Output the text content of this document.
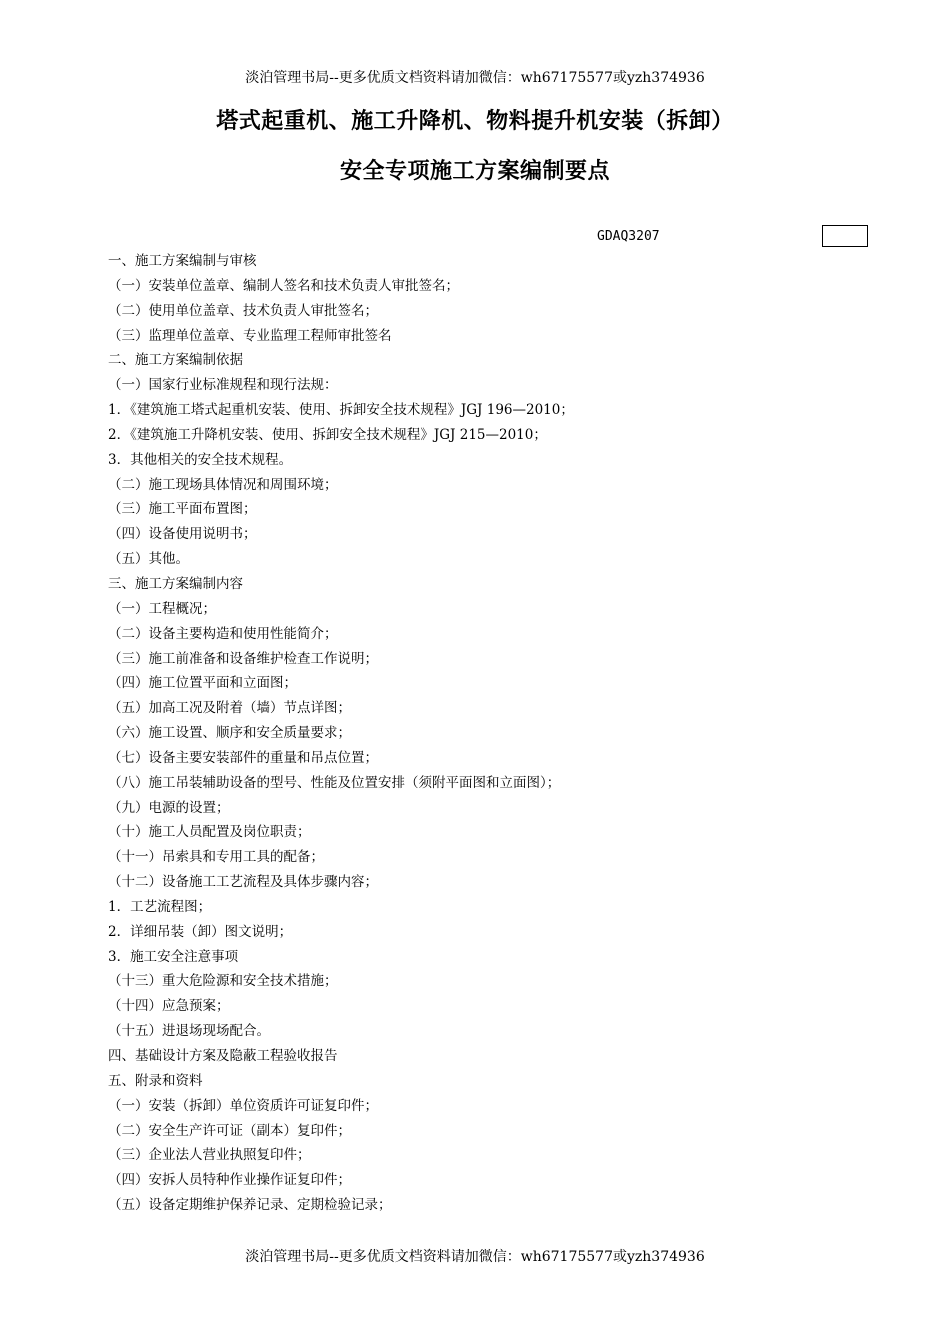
淡泊管理书局--更多优质文档资料请加微信：wh67175577或yzh374936
塔式起重机、施工升降机、物料提升机安装（拆卸）
安全专项施工方案编制要点
GDAQ3207
一、施工方案编制与审核
（一）安装单位盖章、编制人签名和技术负责人审批签名；
（二）使用单位盖章、技术负责人审批签名；
（三）监理单位盖章、专业监理工程师审批签名
二、施工方案编制依据
（一）国家行业标准规程和现行法规：
1．《建筑施工塔式起重机安装、使用、拆卸安全技术规程》JGJ 196—2010；
2．《建筑施工升降机安装、使用、拆卸安全技术规程》JGJ 215—2010；
3．其他相关的安全技术规程。
（二）施工现场具体情况和周围环境；
（三）施工平面布置图；
（四）设备使用说明书；
（五）其他。
三、施工方案编制内容
（一）工程概况；
（二）设备主要构造和使用性能简介；
（三）施工前准备和设备维护检查工作说明；
（四）施工位置平面和立面图；
（五）加高工况及附着（墙）节点详图；
（六）施工设置、顺序和安全质量要求；
（七）设备主要安装部件的重量和吊点位置；
（八）施工吊装辅助设备的型号、性能及位置安排（须附平面图和立面图）；
（九）电源的设置；
（十）施工人员配置及岗位职责；
（十一）吊索具和专用工具的配备；
（十二）设备施工工艺流程及具体步骤内容；
1．工艺流程图；
2．详细吊装（卸）图文说明；
3．施工安全注意事项
（十三）重大危险源和安全技术措施；
（十四）应急预案；
（十五）进退场现场配合。
四、基础设计方案及隐蔽工程验收报告
五、附录和资料
（一）安装（拆卸）单位资质许可证复印件；
（二）安全生产许可证（副本）复印件；
（三）企业法人营业执照复印件；
（四）安拆人员特种作业操作证复印件；
（五）设备定期维护保养记录、定期检验记录；
淡泊管理书局--更多优质文档资料请加微信：wh67175577或yzh374936
